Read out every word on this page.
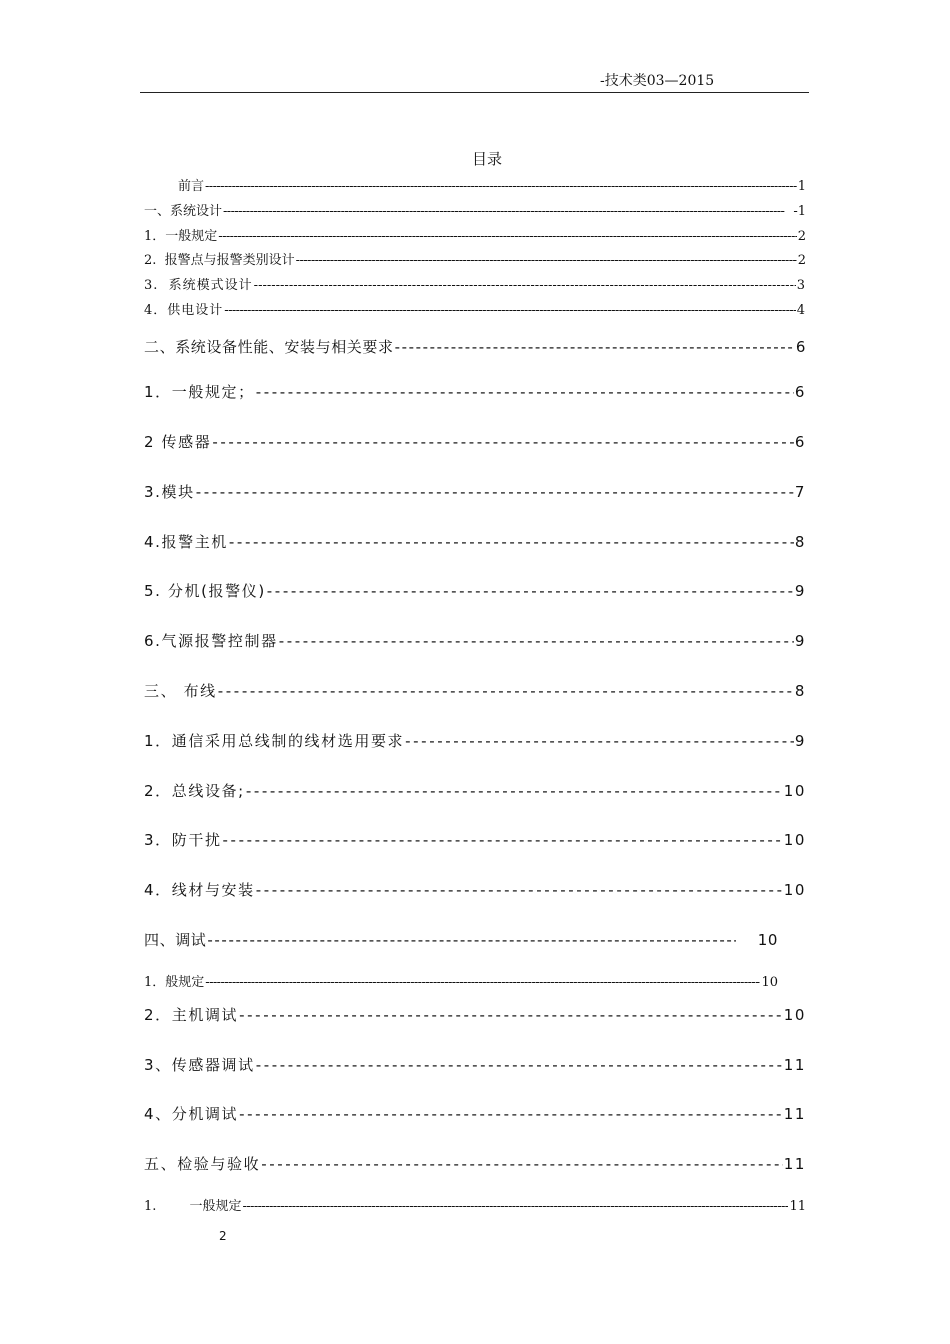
-技术类03—2015
目录
前言 -----	1
一、系统设计 -----	-1
1．一般规定 -----	2
2.  报警点与报警类别设计 -----	2
3.  系统模式设计 -----	3
4．供电设计 -----	4
二、系统设备性能、安装与相关要求 -----	6
1．一般规定； -----	6
2 传感器 -----	6
3.模块 -----	7
4.报警主机 -----	8
5. 分机(报警仪) -----	9
6.气源报警控制器 -----	9
三、 布线 -----	8
1．通信采用总线制的线材选用要求 -----	9
2．总线设备; -----	10
3．防干扰 -----	10
4．线材与安装 -----	10
四、调试 -----	10
1．般规定 -----	10
2．主机调试 -----	10
3、传感器调试 -----	11
4、分机调试 -----	11
五、检验与验收 -----	11
1.        一般规定 -----	11
2
